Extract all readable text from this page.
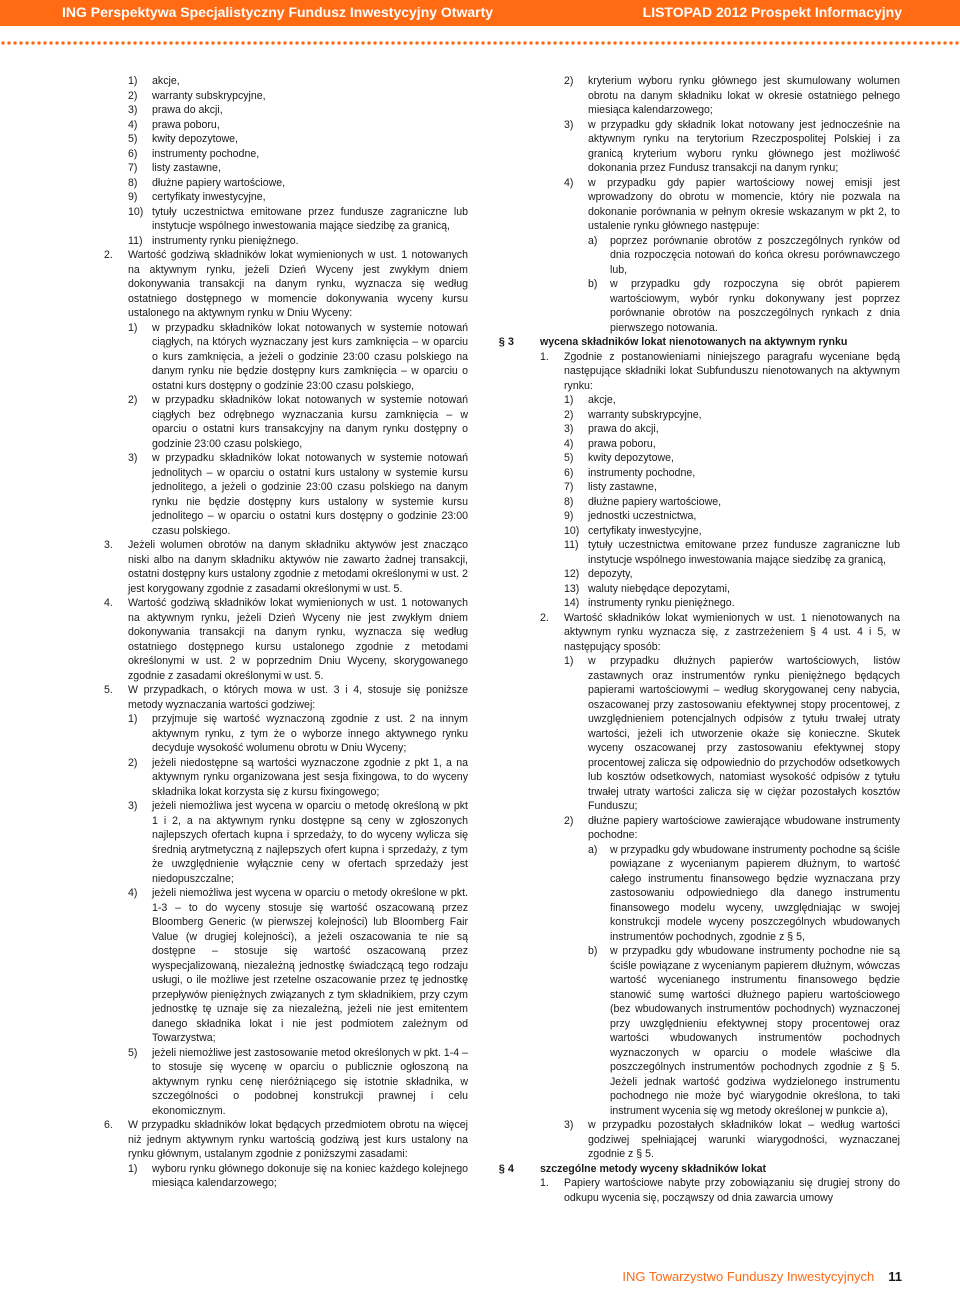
ING Perspektywa Specjalistyczny Fundusz Inwestycyjny Otwarty	LISTOPAD 2012 Prospekt Informacyjny
1)	akcje,
2)	warranty subskrypcyjne,
3)	prawa do akcji,
4)	prawa poboru,
5)	kwity depozytowe,
6)	instrumenty pochodne,
7)	listy zastawne,
8)	dłużne papiery wartościowe,
9)	certyfikaty inwestycyjne,
10) tytuły uczestnictwa emitowane przez fundusze zagraniczne lub instytucje wspólnego inwestowania mające siedzibę za granicą,
11) instrumenty rynku pieniężnego.
2.	Wartość godziwą składników lokat wymienionych w ust. 1 notowanych na aktywnym rynku, jeżeli Dzień Wyceny jest zwykłym dniem dokonywania transakcji na danym rynku, wyznacza się według ostatniego dostępnego w momencie dokonywania wyceny kursu ustalonego na aktywnym rynku w Dniu Wyceny:
1)	w przypadku składników lokat notowanych w systemie notowań ciągłych, na których wyznaczany jest kurs zamknięcia – w oparciu o kurs zamknięcia, a jeżeli o godzinie 23:00 czasu polskiego na danym rynku nie będzie dostępny kurs zamknięcia – w oparciu o ostatni kurs dostępny o godzinie 23:00 czasu polskiego,
2)	w przypadku składników lokat notowanych w systemie notowań ciągłych bez odrębnego wyznaczania kursu zamknięcia – w oparciu o ostatni kurs transakcyjny na danym rynku dostępny o godzinie 23:00 czasu polskiego,
3)	w przypadku składników lokat notowanych w systemie notowań jednolitych – w oparciu o ostatni kurs ustalony w systemie kursu jednolitego, a jeżeli o godzinie 23:00 czasu polskiego na danym rynku nie będzie dostępny kurs ustalony w systemie kursu jednolitego – w oparciu o ostatni kurs dostępny o godzinie 23:00 czasu polskiego.
3.	Jeżeli wolumen obrotów na danym składniku aktywów jest znacząco niski albo na danym składniku aktywów nie zawarto żadnej transakcji, ostatni dostępny kurs ustalony zgodnie z metodami określonymi w ust. 2 jest korygowany zgodnie z zasadami określonymi w ust. 5.
4.	Wartość godziwą składników lokat wymienionych w ust. 1 notowanych na aktywnym rynku, jeżeli Dzień Wyceny nie jest zwykłym dniem dokonywania transakcji na danym rynku, wyznacza się według ostatniego dostępnego kursu ustalonego zgodnie z metodami określonymi w ust. 2 w poprzednim Dniu Wyceny, skorygowanego zgodnie z zasadami określonymi w ust. 5.
5.	W przypadkach, o których mowa w ust. 3 i 4, stosuje się poniższe metody wyznaczania wartości godziwej:
1)	przyjmuje się wartość wyznaczoną zgodnie z ust. 2 na innym aktywnym rynku, z tym że o wyborze innego aktywnego rynku decyduje wysokość wolumenu obrotu w Dniu Wyceny;
2)	jeżeli niedostępne są wartości wyznaczone zgodnie z pkt 1, a na aktywnym rynku organizowana jest sesja fixingowa, to do wyceny składnika lokat korzysta się z kursu fixingowego;
3)	jeżeli niemożliwa jest wycena w oparciu o metodę określoną w pkt 1 i 2, a na aktywnym rynku dostępne są ceny w zgłoszonych najlepszych ofertach kupna i sprzedaży, to do wyceny wylicza się średnią arytmetyczną z najlepszych ofert kupna i sprzedaży, z tym że uwzględnienie wyłącznie ceny w ofertach sprzedaży jest niedopuszczalne;
4)	jeżeli niemożliwa jest wycena w oparciu o metody określone w pkt. 1-3 – to do wyceny stosuje się wartość oszacowaną przez Bloomberg Generic (w pierwszej kolejności) lub Bloomberg Fair Value (w drugiej kolejności), a jeżeli oszacowania te nie są dostępne – stosuje się wartość oszacowaną przez wyspecjalizowaną, niezależną jednostkę świadczącą tego rodzaju usługi, o ile możliwe jest rzetelne oszacowanie przez tę jednostkę przepływów pieniężnych związanych z tym składnikiem, przy czym jednostkę tę uznaje się za niezależną, jeżeli nie jest emitentem danego składnika lokat i nie jest podmiotem zależnym od Towarzystwa;
5)	jeżeli niemożliwe jest zastosowanie metod określonych w pkt. 1-4 – to stosuje się wycenę w oparciu o publicznie ogłoszoną na aktywnym rynku cenę nieróżniącego się istotnie składnika, w szczególności o podobnej konstrukcji prawnej i celu ekonomicznym.
6.	W przypadku składników lokat będących przedmiotem obrotu na więcej niż jednym aktywnym rynku wartością godziwą jest kurs ustalony na rynku głównym, ustalanym zgodnie z poniższymi zasadami:
1)	wyboru rynku głównego dokonuje się na koniec każdego kolejnego miesiąca kalendarzowego;
2)	kryterium wyboru rynku głównego jest skumulowany wolumen obrotu na danym składniku lokat w okresie ostatniego pełnego miesiąca kalendarzowego;
3)	w przypadku gdy składnik lokat notowany jest jednocześnie na aktywnym rynku na terytorium Rzeczpospolitej Polskiej i za granicą kryterium wyboru rynku głównego jest możliwość dokonania przez Fundusz transakcji na danym rynku;
4)	w przypadku gdy papier wartościowy nowej emisji jest wprowadzony do obrotu w momencie, który nie pozwala na dokonanie porównania w pełnym okresie wskazanym w pkt 2, to ustalenie rynku głównego następuje:
a)	poprzez porównanie obrotów z poszczególnych rynków od dnia rozpoczęcia notowań do końca okresu porównawczego lub,
b)	w przypadku gdy rozpoczyna się obrót papierem wartościowym, wybór rynku dokonywany jest poprzez porównanie obrotów na poszczególnych rynkach z dnia pierwszego notowania.
§ 3 wycena składników lokat nienotowanych na aktywnym rynku
1.	Zgodnie z postanowieniami niniejszego paragrafu wyceniane będą następujące składniki lokat Subfunduszu nienotowanych na aktywnym rynku:
1)	akcje,
2)	warranty subskrypcyjne,
3)	prawa do akcji,
4)	prawa poboru,
5)	kwity depozytowe,
6)	instrumenty pochodne,
7)	listy zastawne,
8)	dłużne papiery wartościowe,
9)	jednostki uczestnictwa,
10) certyfikaty inwestycyjne,
11) tytuły uczestnictwa emitowane przez fundusze zagraniczne lub instytucje wspólnego inwestowania mające siedzibę za granicą,
12) depozyty,
13) waluty niebędące depozytami,
14) instrumenty rynku pieniężnego.
2.	Wartość składników lokat wymienionych w ust. 1 nienotowanych na aktywnym rynku wyznacza się, z zastrzeżeniem § 4 ust. 4 i 5, w następujący sposób:
1)	w przypadku dłużnych papierów wartościowych, listów zastawnych oraz instrumentów rynku pieniężnego będących papierami wartościowymi – według skorygowanej ceny nabycia, oszacowanej przy zastosowaniu efektywnej stopy procentowej, z uwzględnieniem potencjalnych odpisów z tytułu trwałej utraty wartości, jeżeli ich utworzenie okaże się konieczne. Skutek wyceny oszacowanej przy zastosowaniu efektywnej stopy procentowej zalicza się odpowiednio do przychodów odsetkowych lub kosztów odsetkowych, natomiast wysokość odpisów z tytułu trwałej utraty wartości zalicza się w ciężar pozostałych kosztów Funduszu;
2)	dłużne papiery wartościowe zawierające wbudowane instrumenty pochodne:
a)	w przypadku gdy wbudowane instrumenty pochodne są ściśle powiązane z wycenianym papierem dłużnym, to wartość całego instrumentu finansowego będzie wyznaczana przy zastosowaniu odpowiedniego dla danego instrumentu finansowego modelu wyceny, uwzględniając w swojej konstrukcji modele wyceny poszczególnych wbudowanych instrumentów pochodnych, zgodnie z § 5,
b)	w przypadku gdy wbudowane instrumenty pochodne nie są ściśle powiązane z wycenianym papierem dłużnym, wówczas wartość wycenianego instrumentu finansowego będzie stanowić sumę wartości dłużnego papieru wartościowego (bez wbudowanych instrumentów pochodnych) wyznaczonej przy uwzględnieniu efektywnej stopy procentowej oraz wartości wbudowanych instrumentów pochodnych wyznaczonych w oparciu o modele właściwe dla poszczególnych instrumentów pochodnych zgodnie z § 5. Jeżeli jednak wartość godziwa wydzielonego instrumentu pochodnego nie może być wiarygodnie określona, to taki instrument wycenia się wg metody określonej w punkcie a),
3)	w przypadku pozostałych składników lokat – według wartości godziwej spełniającej warunki wiarygodności, wyznaczanej zgodnie z § 5.
§ 4 szczególne metody wyceny składników lokat
1.	Papiery wartościowe nabyte przy zobowiązaniu się drugiej strony do odkupu wycenia się, począwszy od dnia zawarcia umowy
ING Towarzystwo Funduszy Inwestycyjnych 11
